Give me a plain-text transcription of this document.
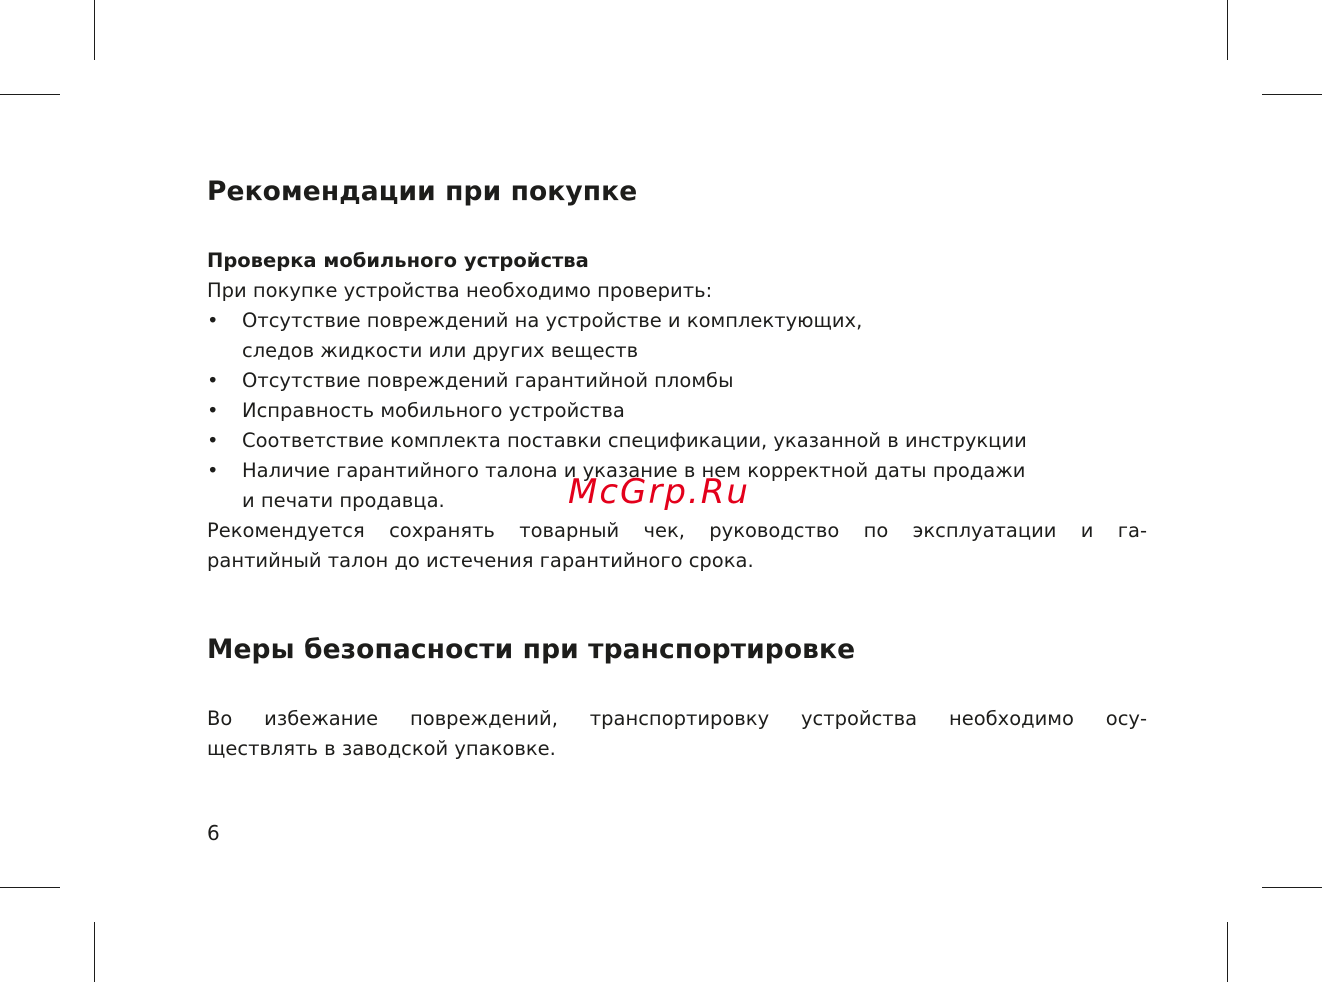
Рекомендации при покупке

Проверка мобильного устройства

При покупке устройства необходимо проверить:

• Отсутствие повреждений на устройстве и комплектующих,
следов жидкости или других веществ
• Отсутствие повреждений гарантийной пломбы
• Исправность мобильного устройства
• Соответствие комплекта поставки спецификации, указанной в инструкции
• Наличие гарантийного талона и указание в нем корректной даты продажи
и печати продавца.

Рекомендуется сохранять товарный чек, руководство по эксплуатации и га-
рантийный талон до истечения гарантийного срока.

Меры безопасности при транспортировке

Во избежание повреждений, транспортировку устройства необходимо осу-
ществлять в заводской упаковке.

6
McGrp.Ru
